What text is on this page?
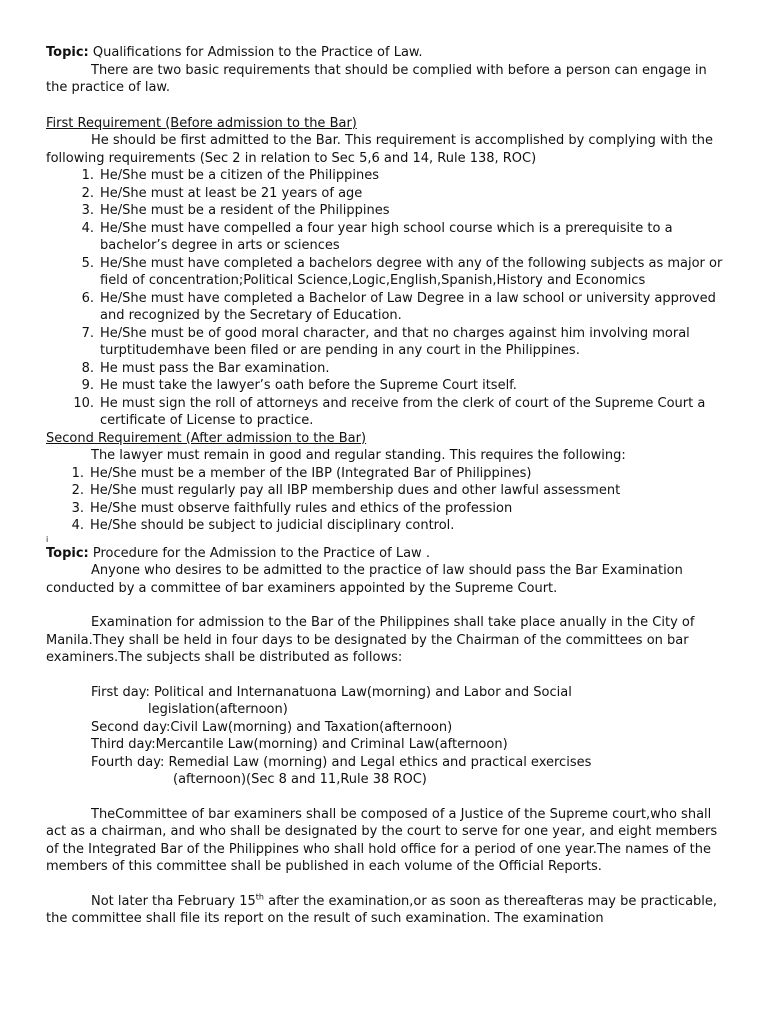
Topic: Qualifications for Admission to the Practice of Law.

There are two basic requirements that should be complied with before a person can engage in the practice of law.

First Requirement (Before admission to the Bar)

He should be first admitted to the Bar. This requirement is accomplished by complying with the following requirements (Sec 2 in relation to Sec 5,6 and 14, Rule 138, ROC)

1. He/She must be a citizen of the Philippines
2. He/She must at least be 21 years of age
3. He/She must be a resident of the Philippines
4. He/She must have compelled a four year high school course which is a prerequisite to a bachelor’s degree in arts or sciences
5. He/She must have completed a bachelors degree with any of the following subjects as major or field of concentration;Political Science,Logic,English,Spanish,History and Economics
6. He/She must have completed a Bachelor of Law Degree in a law school or university approved and recognized by the Secretary of Education.
7. He/She must be of good moral character, and that no charges against him involving moral turptitudemhave been filed or are pending in any court in the Philippines.
8. He must pass the Bar examination.
9. He must take the lawyer’s oath before the Supreme Court itself.
10. He must sign the roll of attorneys and receive from the clerk of court of the Supreme Court a certificate of License to practice.

Second Requirement (After admission to the Bar)

The lawyer must remain in good and regular standing. This requires the following:

1. He/She must be a member of the IBP (Integrated Bar of Philippines)
2. He/She must regularly pay all IBP membership dues and other lawful assessment
3. He/She must observe faithfully rules and ethics of the profession
4. He/She should be subject to judicial disciplinary control.

i

Topic: Procedure for the Admission to the Practice of Law .

Anyone who desires to be admitted to the practice of law should pass the Bar Examination conducted by a committee of bar examiners appointed by the Supreme Court.

Examination for admission to the Bar of the Philippines shall take place anually in the City of Manila.They shall be held in four days to be designated by the Chairman of the committees on bar examiners.The subjects shall be distributed as follows:

First day: Political and Internanatuona Law(morning) and Labor and Social

legislation(afternoon)

Second day:Civil Law(morning) and Taxation(afternoon)

Third day:Mercantile Law(morning) and Criminal Law(afternoon)

Fourth day: Remedial Law (morning) and Legal ethics and practical exercises

(afternoon)(Sec 8 and 11,Rule 38 ROC)

TheCommittee of bar examiners shall be composed of a Justice of the Supreme court,who shall act as a chairman, and who shall be designated by the court to serve for one year, and eight members of the Integrated Bar of the Philippines who shall hold office for a period of one year.The names of the members of this committee shall be published in each volume of the Official Reports.

Not later tha February 15th after the examination,or as soon as thereafteras may be practicable, the committee shall file its report on the result of such examination. The examination
